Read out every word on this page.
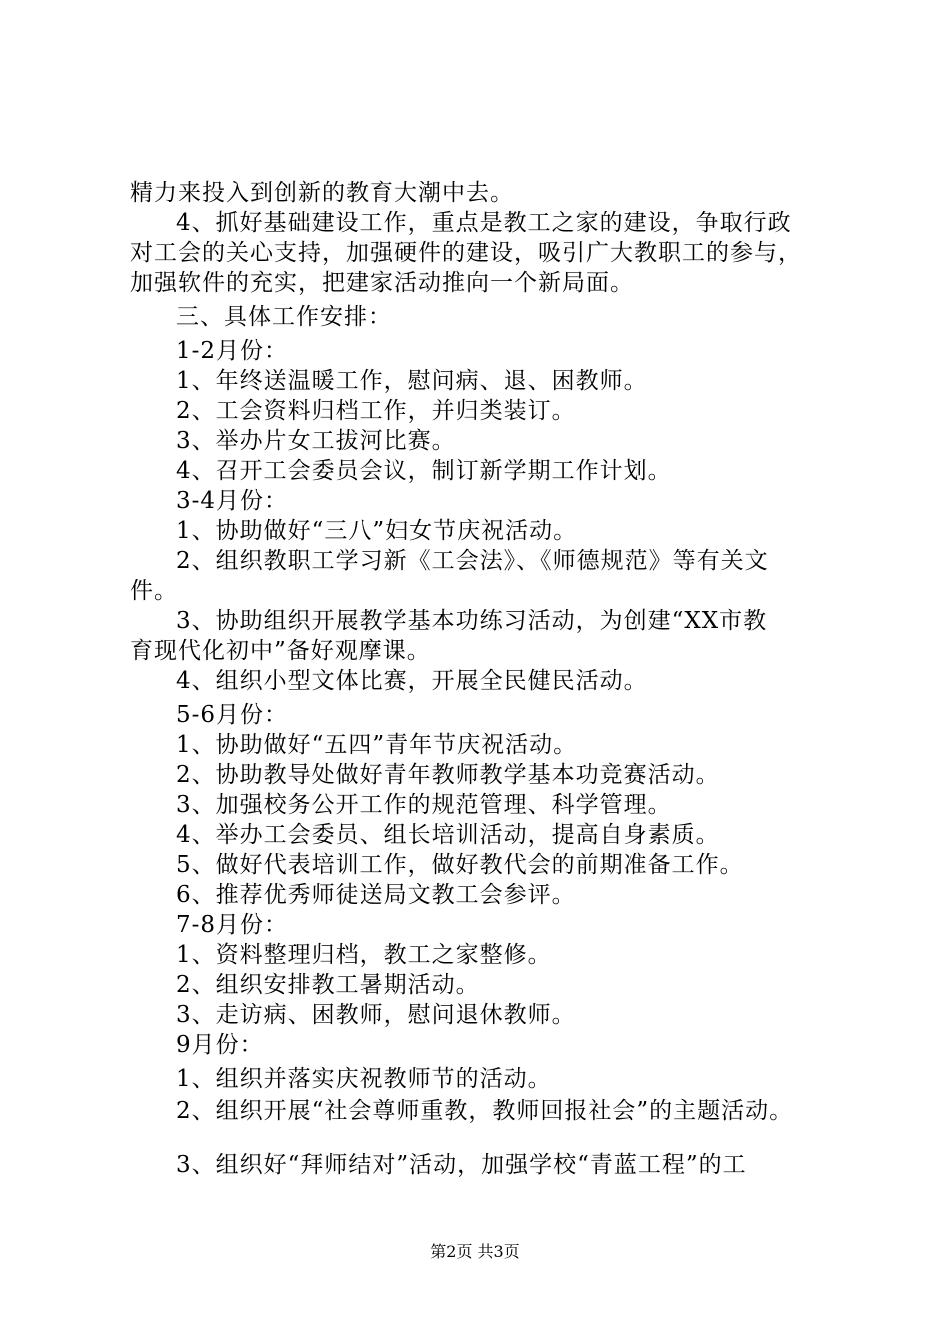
精力来投入到创新的教育大潮中去。
4、抓好基础建设工作，重点是教工之家的建设，争取行政
对工会的关心支持，加强硬件的建设，吸引广大教职工的参与，
加强软件的充实，把建家活动推向一个新局面。
三、具体工作安排：
1-2月份：
1、年终送温暖工作，慰问病、退、困教师。
2、工会资料归档工作，并归类装订。
3、举办片女工拔河比赛。
4、召开工会委员会议，制订新学期工作计划。
3-4月份：
1、协助做好“三八”妇女节庆祝活动。
2、组织教职工学习新《工会法》、《师德规范》等有关文
件。
3、协助组织开展教学基本功练习活动，为创建“XX市教
育现代化初中”备好观摩课。
4、组织小型文体比赛，开展全民健民活动。
5-6月份：
1、协助做好“五四”青年节庆祝活动。
2、协助教导处做好青年教师教学基本功竞赛活动。
3、加强校务公开工作的规范管理、科学管理。
4、举办工会委员、组长培训活动，提高自身素质。
5、做好代表培训工作，做好教代会的前期准备工作。
6、推荐优秀师徒送局文教工会参评。
7-8月份：
1、资料整理归档，教工之家整修。
2、组织安排教工暑期活动。
3、走访病、困教师，慰问退休教师。
9月份：
1、组织并落实庆祝教师节的活动。
2、组织开展“社会尊师重教，教师回报社会”的主题活动。
3、组织好“拜师结对”活动，加强学校“青蓝工程”的工
第2页 共3页
